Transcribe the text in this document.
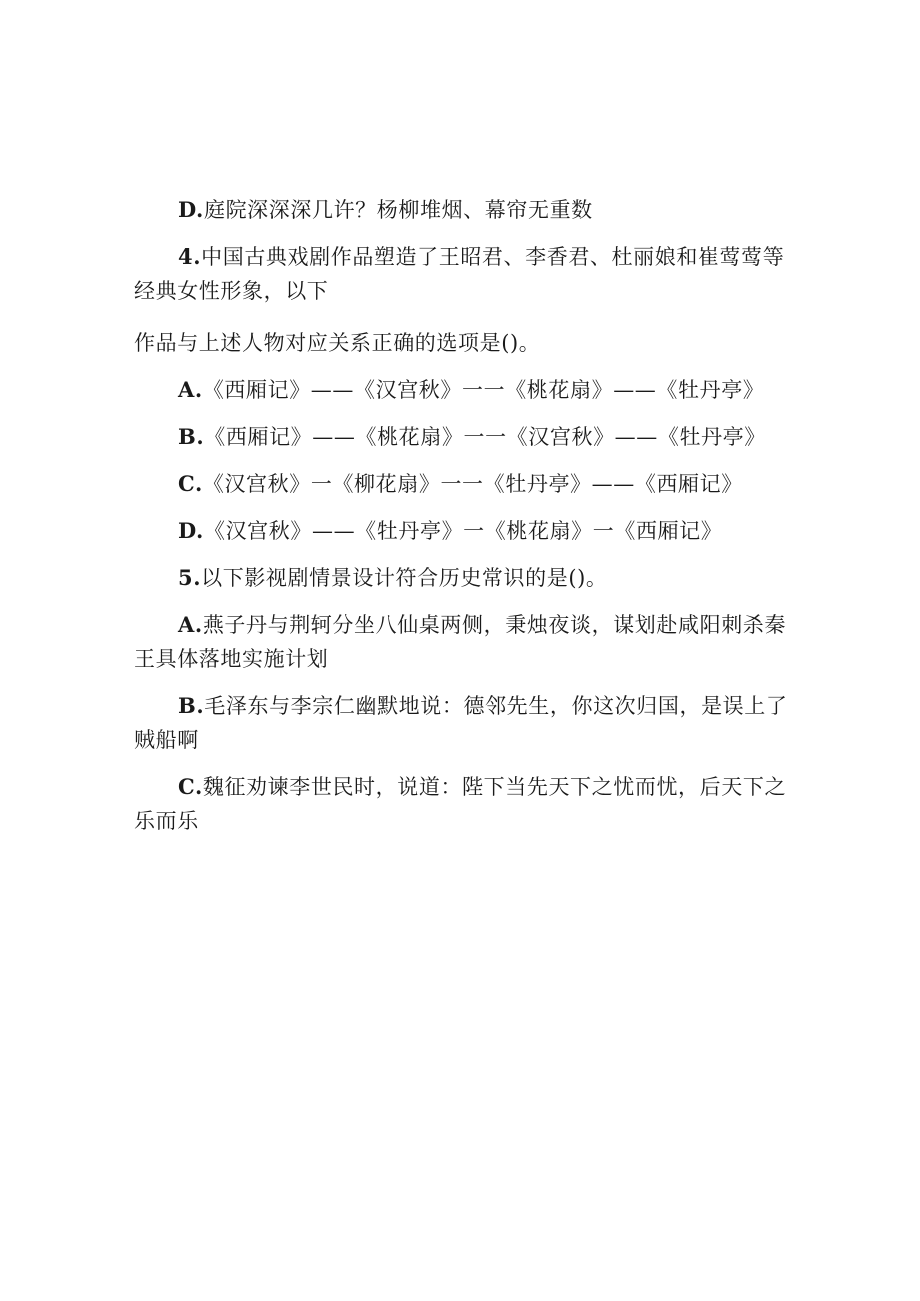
D.庭院深深深几许？杨柳堆烟、幕帘无重数

4.中国古典戏剧作品塑造了王昭君、李香君、杜丽娘和崔莺莺等经典女性形象，以下

作品与上述人物对应关系正确的选项是()。

A.《西厢记》——《汉宫秋》一一《桃花扇》——《牡丹亭》

B.《西厢记》——《桃花扇》一一《汉宫秋》——《牡丹亭》

C.《汉宫秋》一《柳花扇》一一《牡丹亭》——《西厢记》

D.《汉宫秋》——《牡丹亭》一《桃花扇》一《西厢记》

5.以下影视剧情景设计符合历史常识的是()。

A.燕子丹与荆轲分坐八仙桌两侧，秉烛夜谈，谋划赴咸阳刺杀秦王具体落地实施计划

B.毛泽东与李宗仁幽默地说：德邻先生，你这次归国，是误上了贼船啊

C.魏征劝谏李世民时，说道：陛下当先天下之忧而忧，后天下之乐而乐
